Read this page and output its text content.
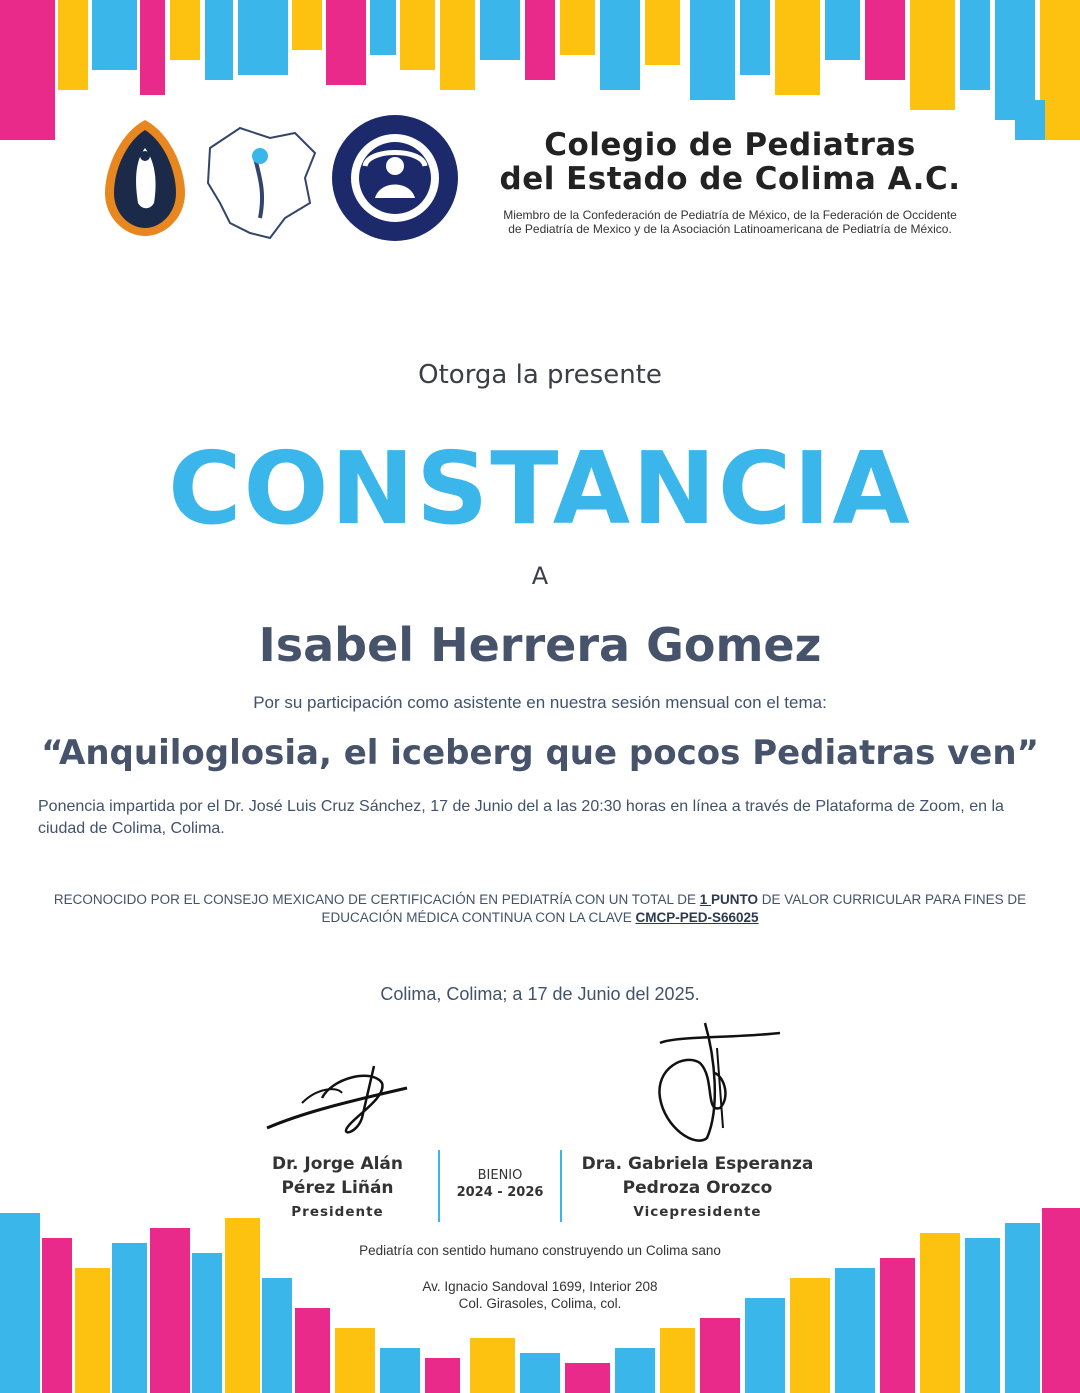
Colegio de Pediatras
del Estado de Colima A.C.
Miembro de la Confederación de Pediatría de México, de la Federación de Occidente
de Pediatría de Mexico y de la Asociación Latinoamericana de Pediatría de México.
Otorga la presente
CONSTANCIA
A
Isabel Herrera Gomez
Por su participación como asistente en nuestra sesión mensual con el tema:
“Anquiloglosia, el iceberg que pocos Pediatras ven”
Ponencia impartida por el Dr. José Luis Cruz Sánchez, 17 de Junio del a las 20:30 horas en línea a través de Plataforma de Zoom, en la ciudad de Colima, Colima.
RECONOCIDO POR EL CONSEJO MEXICANO DE CERTIFICACIÓN EN PEDIATRÍA CON UN TOTAL DE 1 PUNTO DE VALOR CURRICULAR PARA FINES DE EDUCACIÓN MÉDICA CONTINUA CON LA CLAVE CMCP-PED-S66025
Colima, Colima; a 17 de Junio del 2025.
Dr. Jorge Alán
Pérez Liñán
Presidente
BIENIO
2024 - 2026
Dra. Gabriela Esperanza
Pedroza Orozco
Vicepresidente
Pediatría con sentido humano construyendo un Colima sano
Av. Ignacio Sandoval 1699, Interior 208
Col. Girasoles, Colima, col.
